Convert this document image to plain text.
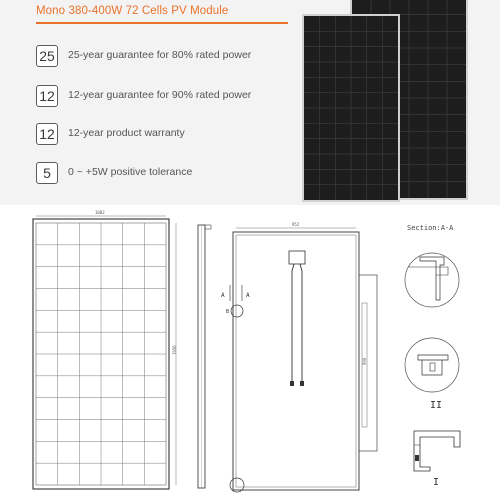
Mono 380-400W 72 Cells PV Module
25	25-year guarantee for 80% rated power
12	12-year guarantee for 90% rated power
12	12-year product warranty
5	0 ~ +5W positive tolerance
1002
1956
A	A
B
952
990
Section:A-A
II
I
